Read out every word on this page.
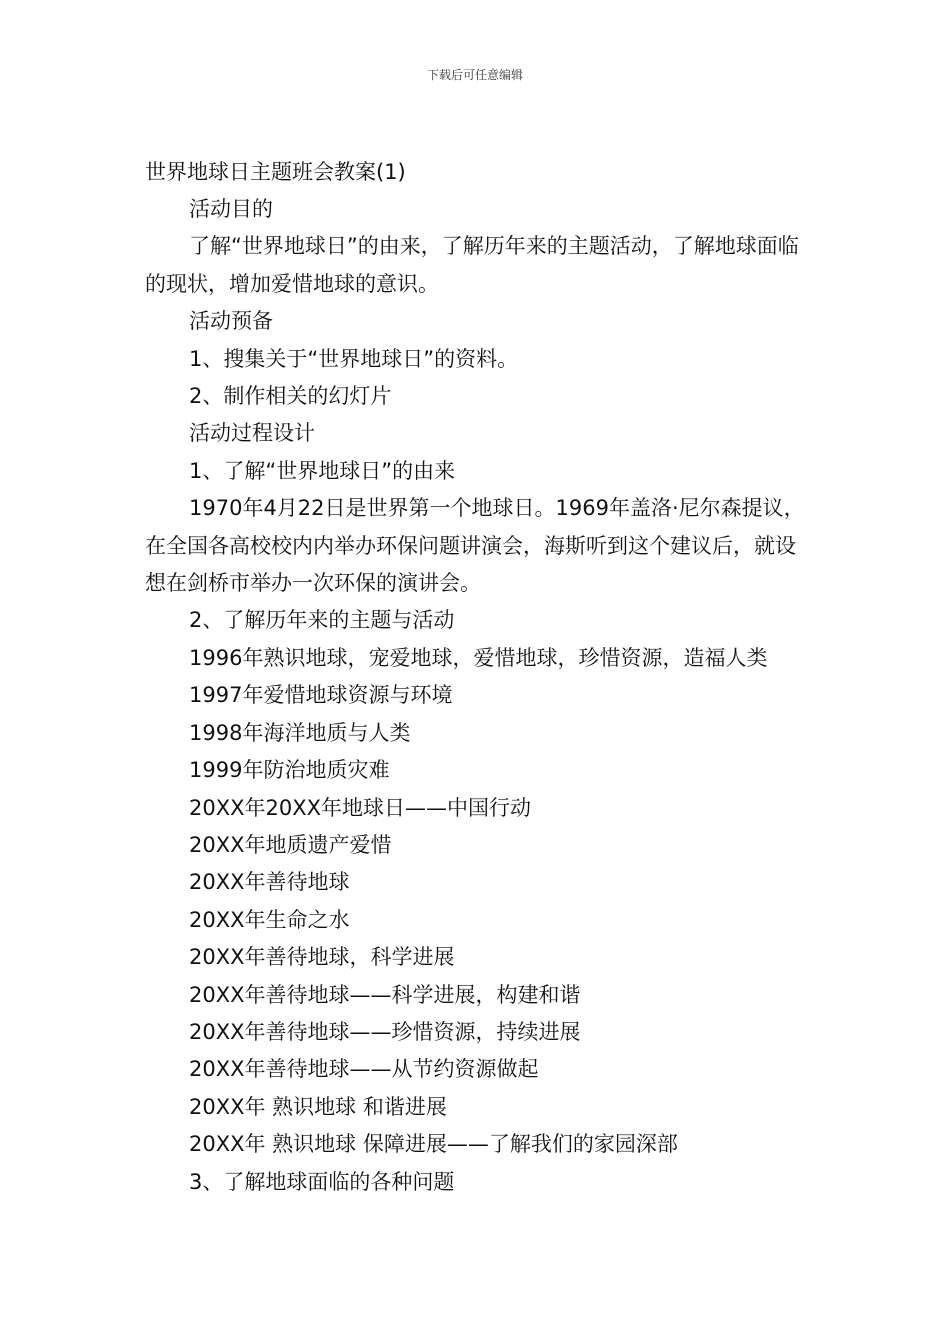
下载后可任意编辑

世界地球日主题班会教案(1)

活动目的

了解“世界地球日”的由来，了解历年来的主题活动，了解地球面临的现状，增加爱惜地球的意识。

活动预备

1、搜集关于“世界地球日”的资料。

2、制作相关的幻灯片

活动过程设计

1、了解“世界地球日”的由来

1970年4月22日是世界第一个地球日。1969年盖洛·尼尔森提议，在全国各高校校内内举办环保问题讲演会，海斯听到这个建议后，就设想在剑桥市举办一次环保的演讲会。

2、了解历年来的主题与活动

1996年熟识地球，宠爱地球，爱惜地球，珍惜资源，造福人类

1997年爱惜地球资源与环境

1998年海洋地质与人类

1999年防治地质灾难

20XX年20XX年地球日——中国行动

20XX年地质遗产爱惜

20XX年善待地球

20XX年生命之水

20XX年善待地球，科学进展

20XX年善待地球——科学进展，构建和谐

20XX年善待地球——珍惜资源，持续进展

20XX年善待地球——从节约资源做起

20XX年 熟识地球 和谐进展

20XX年 熟识地球 保障进展——了解我们的家园深部

3、了解地球面临的各种问题
